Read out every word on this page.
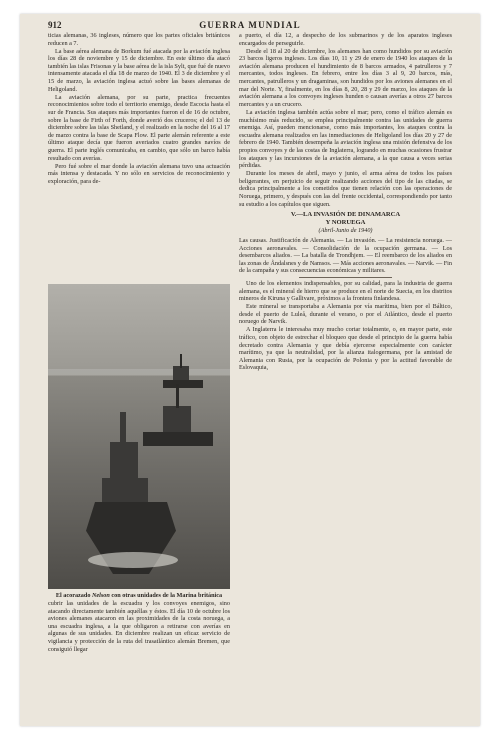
912	GUERRA MUNDIAL

ticias alemanas, 36 ingleses, número que los partes oficiales británicos reducen a 7.

La base aérea alemana de Borkum fué atacada por la aviación inglesa los días 28 de noviembre y 15 de diciembre. En este último día atacó también las islas Frisonas y la base aérea de la isla Sylt, que fué de nuevo intensamente atacada el día 18 de marzo de 1940. El 3 de diciembre y el 15 de marzo, la aviación inglesa actuó sobre las bases alemanas de Heligoland.

La aviación alemana, por su parte, practica frecuentes reconocimientos sobre todo el territorio enemigo, desde Escocia hasta el sur de Francia. Sus ataques más importantes fueron el de 16 de octubre, sobre la base de Firth of Forth, donde averió dos cruceros; el del 13 de diciembre sobre las islas Shetland, y el realizado en la noche del 16 al 17 de marzo contra la base de Scapa Flow. El parte alemán referente a este último ataque decía que fueron averiados cuatro grandes navíos de guerra. El parte inglés comunicaba, en cambio, que sólo un barco había resultado con averías.

Pero fué sobre el mar donde la aviación alemana tuvo una actuación más intensa y destacada. Y no sólo en servicios de reconocimiento y exploración, para de-

El acorazado Nelson con otras unidades de la Marina británica

cubrir las unidades de la escuadra y los convoyes enemigos, sino atacando directamente también aquéllas y éstos. El día 10 de octubre los aviones alemanes atacaron en las proximidades de la costa noruega, a una escuadra inglesa, a la que obligaron a retirarse con averías en algunas de sus unidades. En diciembre realizan un eficaz servicio de vigilancia y protección de la ruta del trasatlántico alemán Bremen, que consiguió llegar

a puerto, el día 12, a despecho de los submarinos y de los aparatos ingleses encargados de perseguirle.

Desde el 18 al 20 de diciembre, los alemanes han como hundidos por su aviación 23 barcos ligeros ingleses. Los días 10, 11 y 29 de enero de 1940 los ataques de la aviación alemana producen el hundimiento de 8 barcos armados, 4 patrulleros y 7 mercantes, todos ingleses. En febrero, entre los días 3 al 9, 20 barcos, más, mercantes, patrulleros y un dragaminas, son hundidos por los aviones alemanes en el mar del Norte. Y, finalmente, en los días 8, 20, 28 y 29 de marzo, los ataques de la aviación alemana a los convoyes ingleses hunden o causan averías a otros 27 barcos mercantes y a un crucero.

La aviación inglesa también actúa sobre el mar; pero, como el tráfico alemán es muchísimo más reducido, se emplea principalmente contra las unidades de guerra enemiga. Así, pueden mencionarse, como más importantes, los ataques contra la escuadra alemana realizados en las inmediaciones de Heligoland los días 20 y 27 de febrero de 1940. También desempeña la aviación inglesa una misión defensiva de los propios convoyes y de las costas de Inglaterra, logrando en muchas ocasiones frustrar los ataques y las incursiones de la aviación alemana, a la que causa a veces serias pérdidas.

Durante los meses de abril, mayo y junio, el arma aérea de todos los países beligerantes, en perjuicio de seguir realizando acciones del tipo de las citadas, se dedica principalmente a los cometidos que tienen relación con las operaciones de Noruega, primero, y después con las del frente occidental, correspondiendo por tanto su estudio a los capítulos que siguen.

V.—LA INVASIÓN DE DINAMARCA
Y NORUEGA
(Abril-Junio de 1940)

Las causas. Justificación de Alemania. — La invasión. — La resistencia noruega. — Acciones aeronavales. — Consolidación de la ocupación germana. — Los desembarcos aliados. — La batalla de Trondhjem. — El reembarco de los aliados en las zonas de Åndalsnes y de Namsos. — Más acciones aeronavales. — Narvik. — Fin de la campaña y sus consecuencias económicas y militares.

Uno de los elementos indispensables, por su calidad, para la industria de guerra alemana, es el mineral de hierro que se produce en el norte de Suecia, en los distritos mineros de Kiruna y Gallivare, próximos a la frontera finlandesa.

Este mineral se transportaba a Alemania por vía marítima, bien por el Báltico, desde el puerto de Luleå, durante el verano, o por el Atlántico, desde el puerto noruego de Narvik.

A Inglaterra le interesaba muy mucho cortar totalmente, o, en mayor parte, este tráfico, con objeto de estrechar el bloqueo que desde el principio de la guerra había decretado contra Alemania y que debía ejercerse especialmente con carácter marítimo, ya que la neutralidad, por la alianza italogermana, por la amistad de Alemania con Rusia, por la ocupación de Polonia y por la actitud favorable de Eslovaquia,
